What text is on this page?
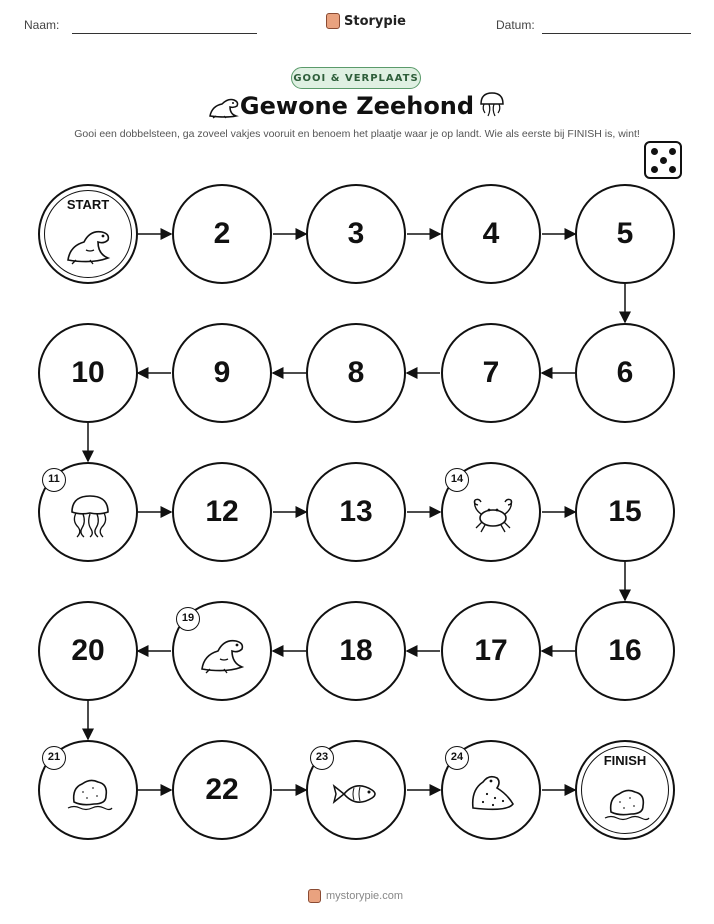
Naam:	Storypie	Datum:
GOOI & VERPLAATS
Gewone Zeehond
Gooi een dobbelsteen, ga zoveel vakjes vooruit en benoem het plaatje waar je op landt. Wie als eerste bij FINISH is, wint!
START
2	3	4	5
6
7
8
9
10
11
12	13
14
15
16
17
18
19
20
21
22
23	24	FINISH
mystorypie.com
